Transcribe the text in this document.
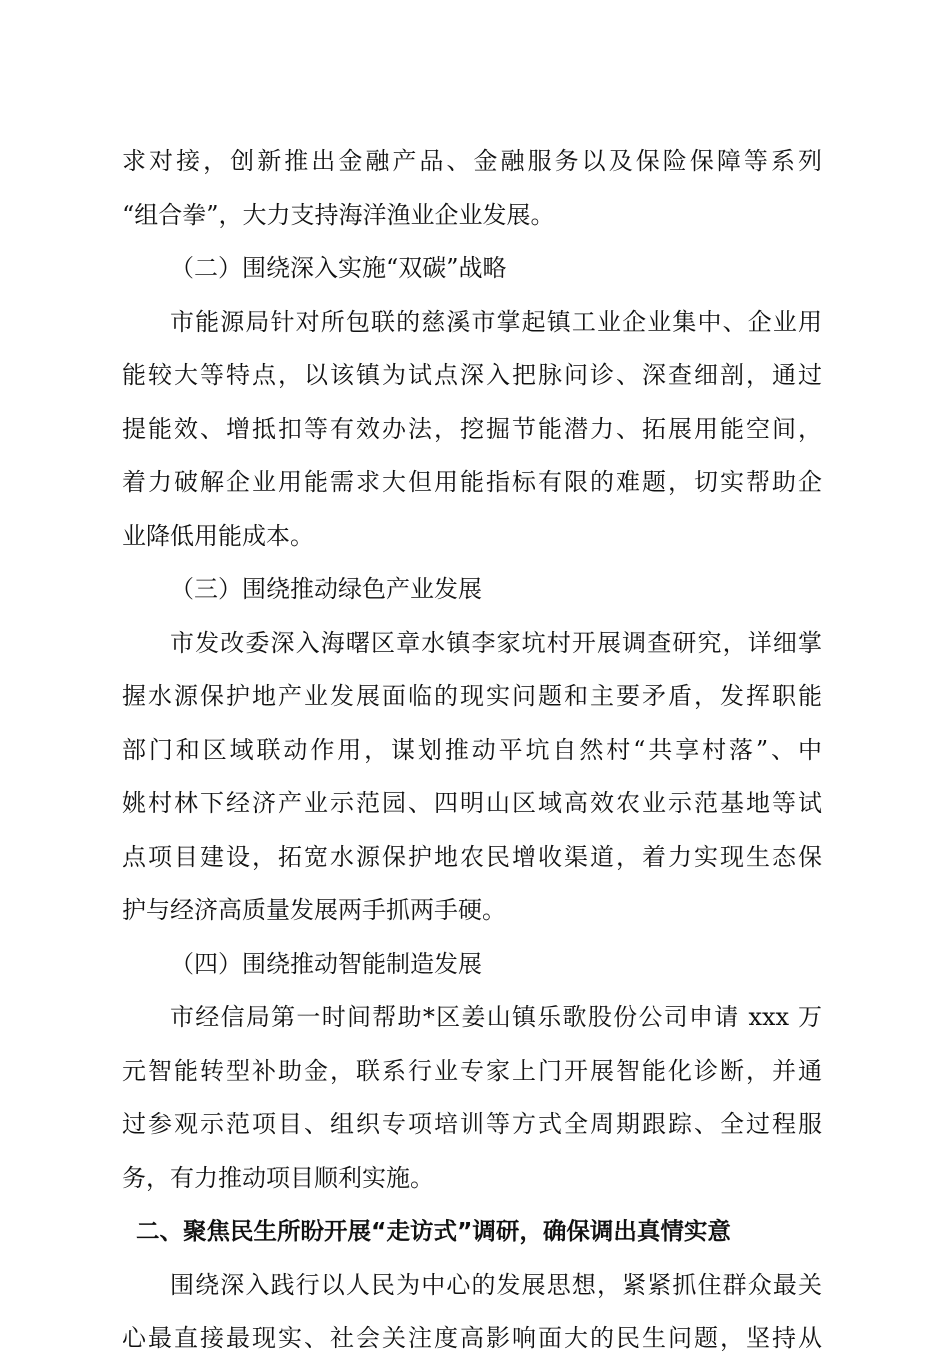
求对接，创新推出金融产品、金融服务以及保险保障等系列
“组合拳”，大力支持海洋渔业企业发展。
（二）围绕深入实施“双碳”战略
市能源局针对所包联的慈溪市掌起镇工业企业集中、企业用
能较大等特点，以该镇为试点深入把脉问诊、深查细剖，通过
提能效、增抵扣等有效办法，挖掘节能潜力、拓展用能空间，
着力破解企业用能需求大但用能指标有限的难题，切实帮助企
业降低用能成本。
（三）围绕推动绿色产业发展
市发改委深入海曙区章水镇李家坑村开展调查研究，详细掌
握水源保护地产业发展面临的现实问题和主要矛盾，发挥职能
部门和区域联动作用，谋划推动平坑自然村“共享村落”、中
姚村林下经济产业示范园、四明山区域高效农业示范基地等试
点项目建设，拓宽水源保护地农民增收渠道，着力实现生态保
护与经济高质量发展两手抓两手硬。
（四）围绕推动智能制造发展
市经信局第一时间帮助*区姜山镇乐歌股份公司申请 xxx 万
元智能转型补助金，联系行业专家上门开展智能化诊断，并通
过参观示范项目、组织专项培训等方式全周期跟踪、全过程服
务，有力推动项目顺利实施。
二、聚焦民生所盼开展“走访式”调研，确保调出真情实意
围绕深入践行以人民为中心的发展思想，紧紧抓住群众最关
心最直接最现实、社会关注度高影响面大的民生问题，坚持从
